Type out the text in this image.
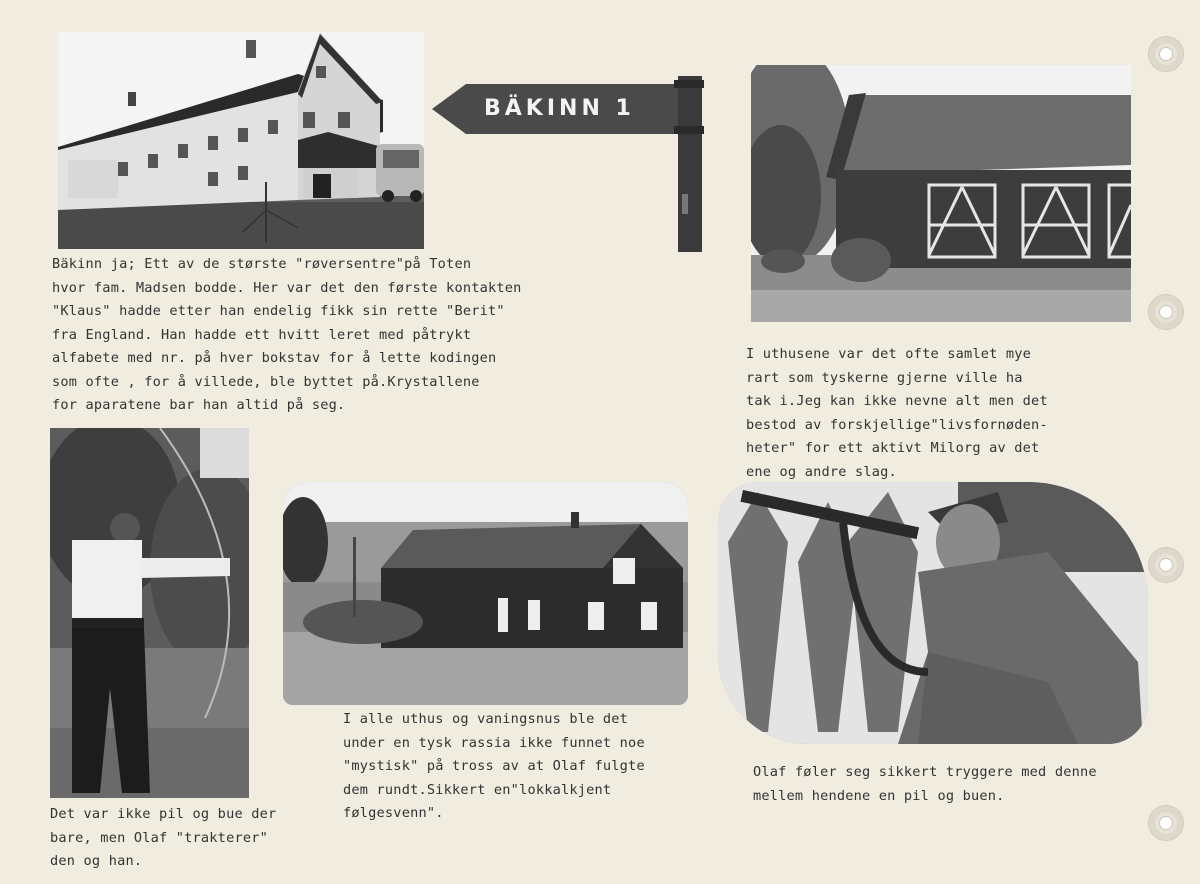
BÄKINN 1
Bäkinn ja; Ett av de største "røversentre"på Toten
hvor fam. Madsen bodde. Her var det den første kontakten
"Klaus" hadde etter han endelig fikk sin rette "Berit"
fra England. Han hadde ett hvitt leret med påtrykt
alfabete med nr. på hver bokstav for å lette kodingen
som ofte , for å villede, ble byttet på.Krystallene
for aparatene bar han altid på seg.
I uthusene var det ofte samlet mye
rart som tyskerne gjerne ville ha
tak i.Jeg kan ikke nevne alt men det
bestod av forskjellige"livsfornøden-
heter" for ett aktivt Milorg av det
ene og andre slag.
Det var ikke pil og bue der
bare, men Olaf "trakterer"
den og han.
I alle uthus og vaningsnus ble det
under en tysk rassia ikke funnet noe
"mystisk" på tross av at Olaf fulgte
dem rundt.Sikkert en"lokkalkjent
følgesvenn".
Olaf føler seg sikkert tryggere med denne
mellem hendene en pil og buen.
